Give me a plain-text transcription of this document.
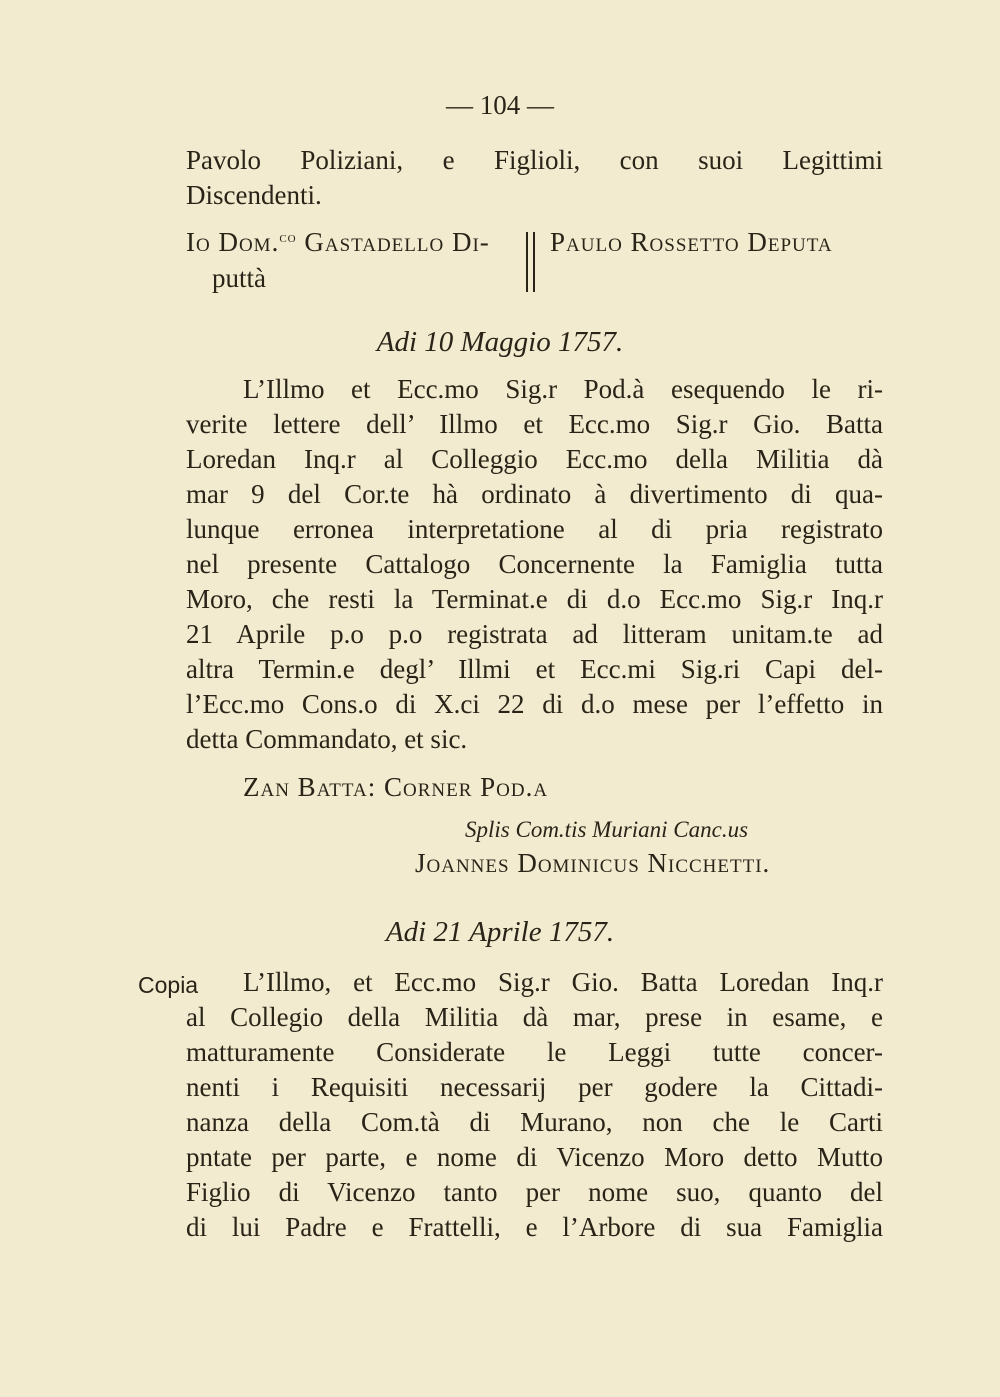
— 104 —
Pavolo Poliziani, e Figlioli, con suoi Legittimi
Discendenti.
Io Dom.$^{co}$ Gastadello Di-
puttà
Paulo Rossetto Deputa
Adi 10 Maggio 1757.
L’Illmo et Ecc.mo Sig.r Pod.à esequendo le ri-
verite lettere dell’ Illmo et Ecc.mo Sig.r Gio. Batta
Loredan Inq.r al Colleggio Ecc.mo della Militia dà
mar 9 del Cor.te hà ordinato à divertimento di qua-
lunque erronea interpretatione al di pria registrato
nel presente Cattalogo Concernente la Famiglia tutta
Moro, che resti la Terminat.e di d.o Ecc.mo Sig.r Inq.r
21 Aprile p.o p.o registrata ad litteram unitam.te ad
altra Termin.e degl’ Illmi et Ecc.mi Sig.ri Capi del-
l’Ecc.mo Cons.o di X.ci 22 di d.o mese per l’effetto in
detta Commandato, et sic.
Zan Batta: Corner Pod.a
Splis Com.tis Muriani Canc.us
Joannes Dominicus Nicchetti.
Adi 21 Aprile 1757.
Copia L’Illmo, et Ecc.mo Sig.r Gio. Batta Loredan Inq.r
al Collegio della Militia dà mar, prese in esame, e
matturamente Considerate le Leggi tutte concer-
nenti i Requisiti necessarij per godere la Cittadi-
nanza della Com.tà di Murano, non che le Carti
pntate per parte, e nome di Vicenzo Moro detto Mutto
Figlio di Vicenzo tanto per nome suo, quanto del
di lui Padre e Frattelli, e l’Arbore di sua Famiglia
